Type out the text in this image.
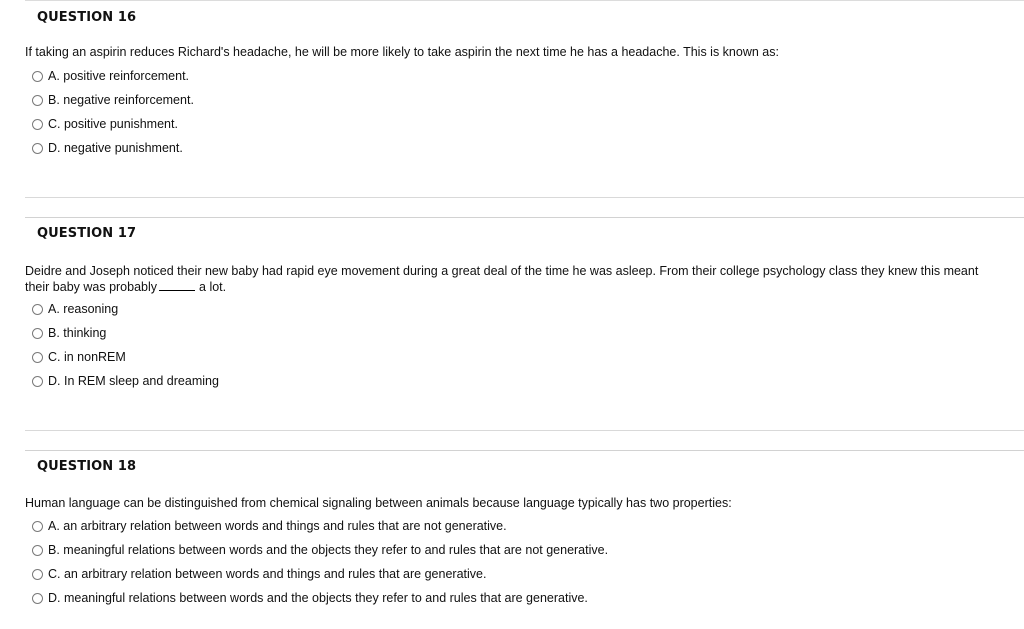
QUESTION 16
If taking an aspirin reduces Richard's headache, he will be more likely to take aspirin the next time he has a headache. This is known as:
A. positive reinforcement.
B. negative reinforcement.
C. positive punishment.
D. negative punishment.
QUESTION 17
Deidre and Joseph noticed their new baby had rapid eye movement during a great deal of the time he was asleep. From their college psychology class they knew this meant their baby was probably	a lot.
A. reasoning
B. thinking
C. in nonREM
D. In REM sleep and dreaming
QUESTION 18
Human language can be distinguished from chemical signaling between animals because language typically has two properties:
A. an arbitrary relation between words and things and rules that are not generative.
B. meaningful relations between words and the objects they refer to and rules that are not generative.
C. an arbitrary relation between words and things and rules that are generative.
D. meaningful relations between words and the objects they refer to and rules that are generative.
